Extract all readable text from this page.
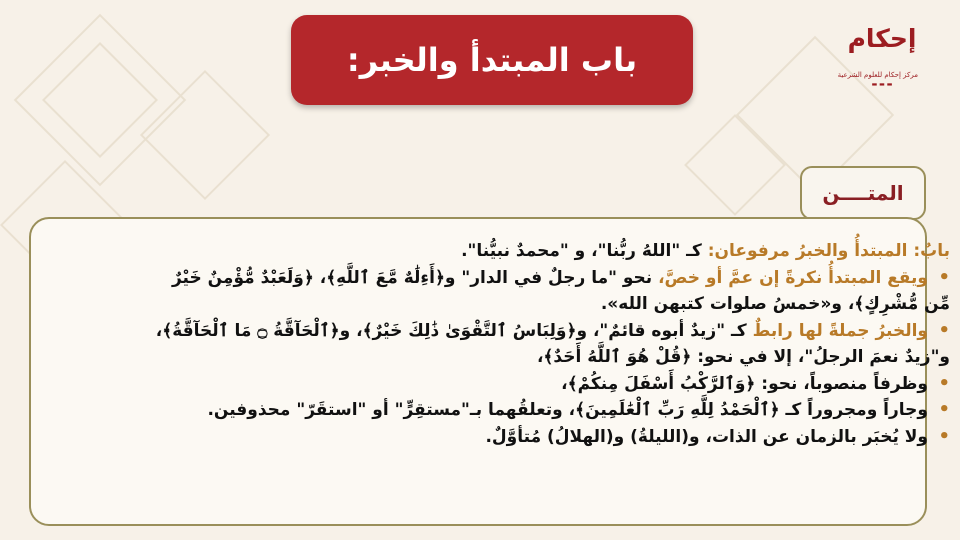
باب المبتدأ والخبر:
إحكام
مركز إحكام للعلوم الشرعية
▬ ▬ ▬
المتــــن

بابٌ: المبتدأُ والخبرُ مرفوعان: كـ "اللهُ ربُّنا"، و "محمدٌ نبيُّنا".

•
ويقع المبتدأُ نكرةً إن عمَّ أو خصَّ، نحو "ما رجلٌ في الدار" و﴿أَءِلَٰهٌ مَّعَ ٱللَّهِ﴾، ﴿وَلَعَبْدٌ مُّؤْمِنٌ خَيْرٌ

مِّن مُّشْرِكٍ﴾، و«خمسُ صلوات كتبهن الله».

•
والخبرُ جملةً لها رابطٌ كـ "زيدٌ أبوه قائمٌ"، و﴿وَلِبَاسُ ٱلتَّقْوَىٰ ذَٰلِكَ خَيْرٌ﴾، و﴿ٱلْحَآقَّةُ ۝ مَا ٱلْحَآقَّةُ﴾،

و"زيدٌ نعمَ الرجلُ"، إلا في نحو: ﴿قُلْ هُوَ ٱللَّهُ أَحَدٌ﴾،

•
وظرفاً منصوباً، نحو: ﴿وَٱلرَّكْبُ أَسْفَلَ مِنكُمْ﴾،

•
وجاراً ومجروراً كـ ﴿ٱلْحَمْدُ لِلَّهِ رَبِّ ٱلْعَٰلَمِينَ﴾، وتعلقُهما بـ"مستقِرٍّ" أو "استقَرّ" محذوفين.

•
ولا يُخبَر بالزمان عن الذات، و(الليلةُ) و(الهلالُ) مُتأوَّلٌ.
